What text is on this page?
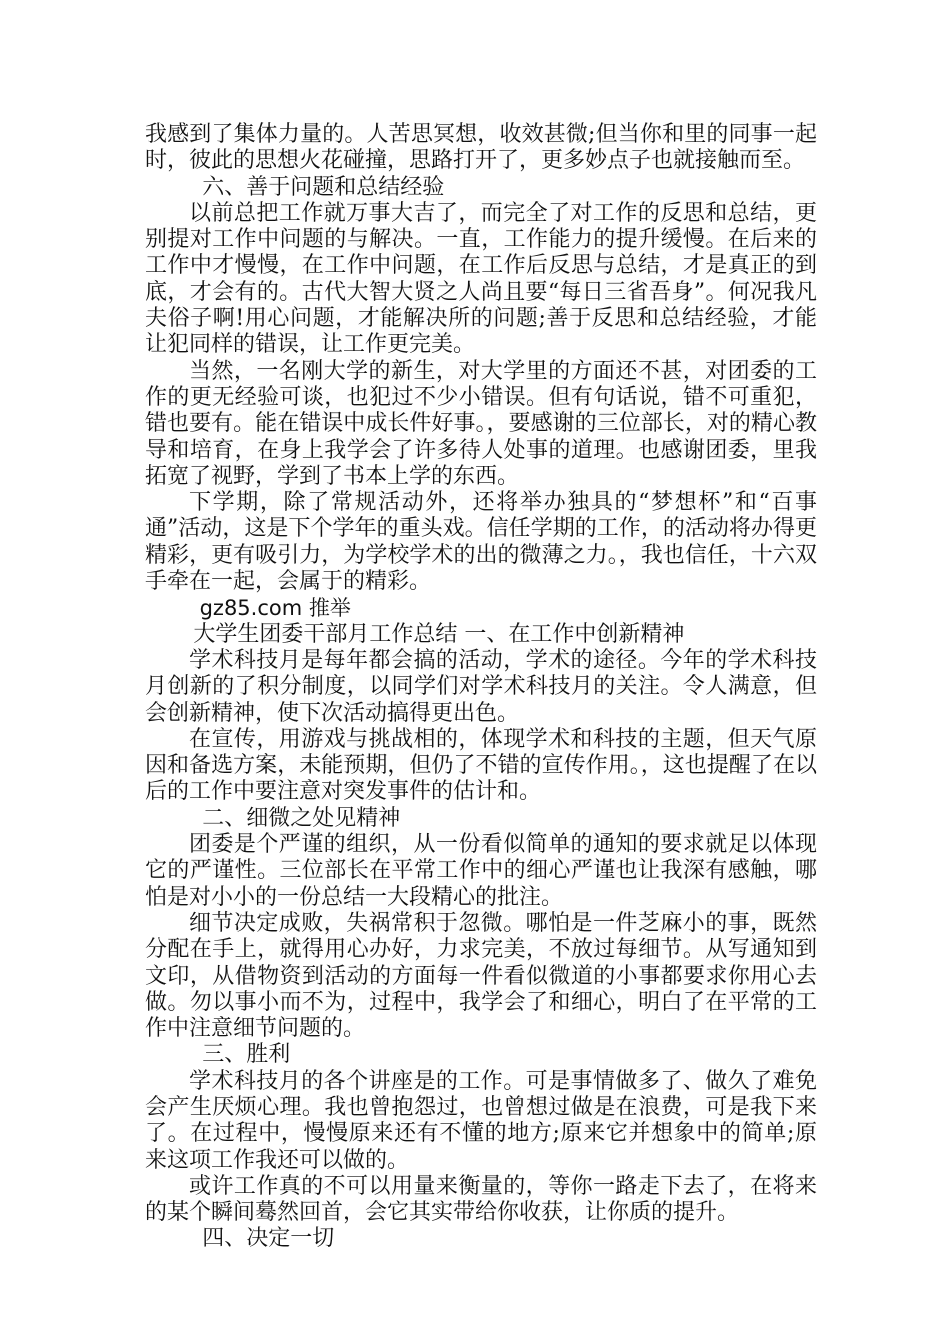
我感到了集体力量的。人苦思冥想，收效甚微;但当你和里的同事一起时，彼此的思想火花碰撞，思路打开了，更多妙点子也就接触而至。

六、善于问题和总结经验

以前总把工作就万事大吉了，而完全了对工作的反思和总结，更别提对工作中问题的与解决。一直，工作能力的提升缓慢。在后来的工作中才慢慢，在工作中问题，在工作后反思与总结，才是真正的到底，才会有的。古代大智大贤之人尚且要“每日三省吾身”。何况我凡夫俗子啊!用心问题，才能解决所的问题;善于反思和总结经验，才能让犯同样的错误，让工作更完美。

当然，一名刚大学的新生，对大学里的方面还不甚，对团委的工作的更无经验可谈，也犯过不少小错误。但有句话说，错不可重犯，错也要有。能在错误中成长件好事。，要感谢的三位部长，对的精心教导和培育，在身上我学会了许多待人处事的道理。也感谢团委，里我拓宽了视野，学到了书本上学的东西。

下学期，除了常规活动外，还将举办独具的“梦想杯”和“百事通”活动，这是下个学年的重头戏。信任学期的工作，的活动将办得更精彩，更有吸引力，为学校学术的出的微薄之力。，我也信任，十六双手牵在一起，会属于的精彩。

gz85.com 推举

大学生团委干部月工作总结 一、在工作中创新精神

学术科技月是每年都会搞的活动，学术的途径。今年的学术科技月创新的了积分制度，以同学们对学术科技月的关注。令人满意，但会创新精神，使下次活动搞得更出色。

在宣传，用游戏与挑战相的，体现学术和科技的主题，但天气原因和备选方案，未能预期，但仍了不错的宣传作用。，这也提醒了在以后的工作中要注意对突发事件的估计和。

二、细微之处见精神

团委是个严谨的组织，从一份看似简单的通知的要求就足以体现它的严谨性。三位部长在平常工作中的细心严谨也让我深有感触，哪怕是对小小的一份总结一大段精心的批注。

细节决定成败，失祸常积于忽微。哪怕是一件芝麻小的事，既然分配在手上，就得用心办好，力求完美，不放过每细节。从写通知到文印，从借物资到活动的方面每一件看似微道的小事都要求你用心去做。勿以事小而不为，过程中，我学会了和细心，明白了在平常的工作中注意细节问题的。

三、胜利

学术科技月的各个讲座是的工作。可是事情做多了、做久了难免会产生厌烦心理。我也曾抱怨过，也曾想过做是在浪费，可是我下来了。在过程中，慢慢原来还有不懂的地方;原来它并想象中的简单;原来这项工作我还可以做的。

或许工作真的不可以用量来衡量的，等你一路走下去了，在将来的某个瞬间蓦然回首，会它其实带给你收获，让你质的提升。

四、决定一切
